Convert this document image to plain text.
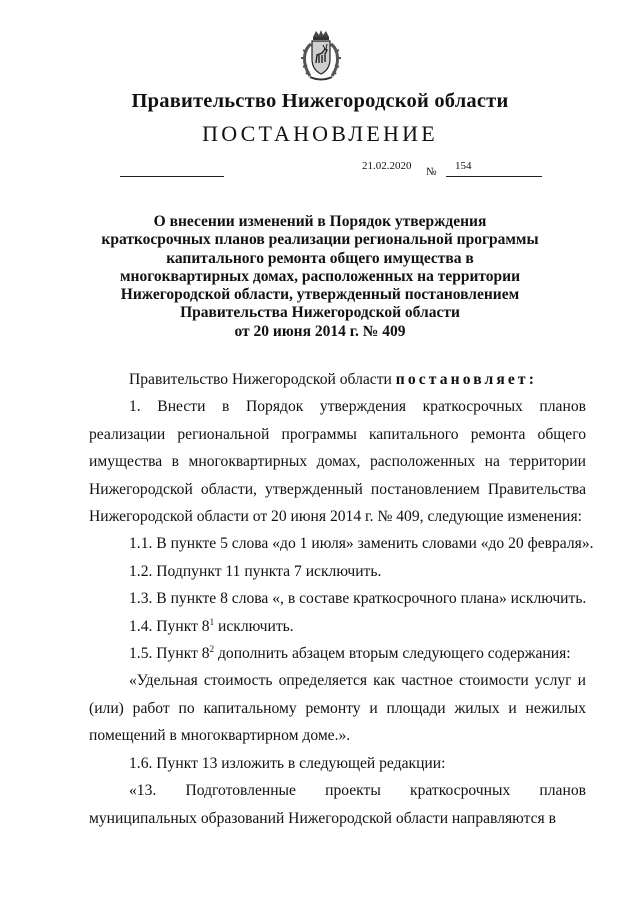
Правительство Нижегородской области
ПОСТАНОВЛЕНИЕ
21.02.2020 № 154
О внесении изменений в Порядок утверждения
краткосрочных планов реализации региональной программы
капитального ремонта общего имущества в
многоквартирных домах, расположенных на территории
Нижегородской области, утвержденный постановлением
Правительства Нижегородской области
от 20 июня 2014 г. № 409

Правительство Нижегородской области постановляет:

1. Внести в Порядок утверждения краткосрочных планов реализации региональной программы капитального ремонта общего имущества в многоквартирных домах, расположенных на территории Нижегородской области, утвержденный постановлением Правительства Нижегородской области от 20 июня 2014 г. № 409, следующие изменения:

1.1. В пункте 5 слова «до 1 июля» заменить словами «до 20 февраля».

1.2. Подпункт 11 пункта 7 исключить.

1.3. В пункте 8 слова «, в составе краткосрочного плана» исключить.

1.4. Пункт $8^1$ исключить.

1.5. Пункт $8^2$ дополнить абзацем вторым следующего содержания:

«Удельная стоимость определяется как частное стоимости услуг и (или) работ по капитальному ремонту и площади жилых и нежилых помещений в многоквартирном доме.».

1.6. Пункт 13 изложить в следующей редакции:

«13. Подготовленные проекты краткосрочных планов муниципальных образований Нижегородской области направляются в
